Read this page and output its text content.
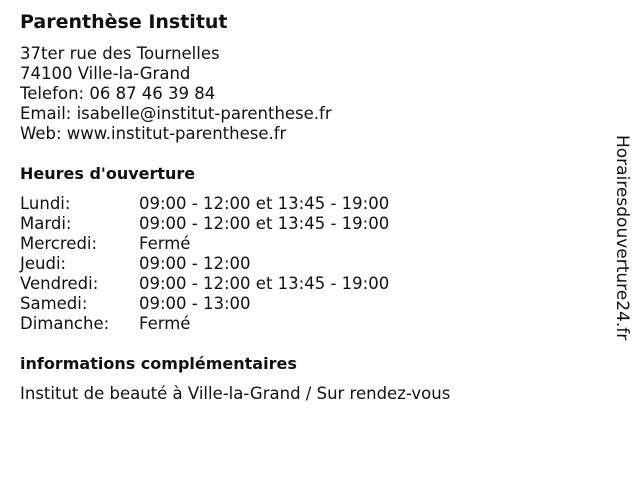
Parenthèse Institut
37ter rue des Tournelles
74100 Ville-la-Grand
Telefon: 06 87 46 39 84
Email: isabelle@institut-parenthese.fr
Web: www.institut-parenthese.fr
Heures d'ouverture
Lundi:	09:00 - 12:00 et 13:45 - 19:00
Mardi:	09:00 - 12:00 et 13:45 - 19:00
Mercredi:	Fermé
Jeudi:	09:00 - 12:00
Vendredi: 09:00 - 12:00 et 13:45 - 19:00
Samedi:	09:00 - 13:00
Dimanche: Fermé
informations complémentaires
Institut de beauté à Ville-la-Grand / Sur rendez-vous
Horairesdouverture24.fr
